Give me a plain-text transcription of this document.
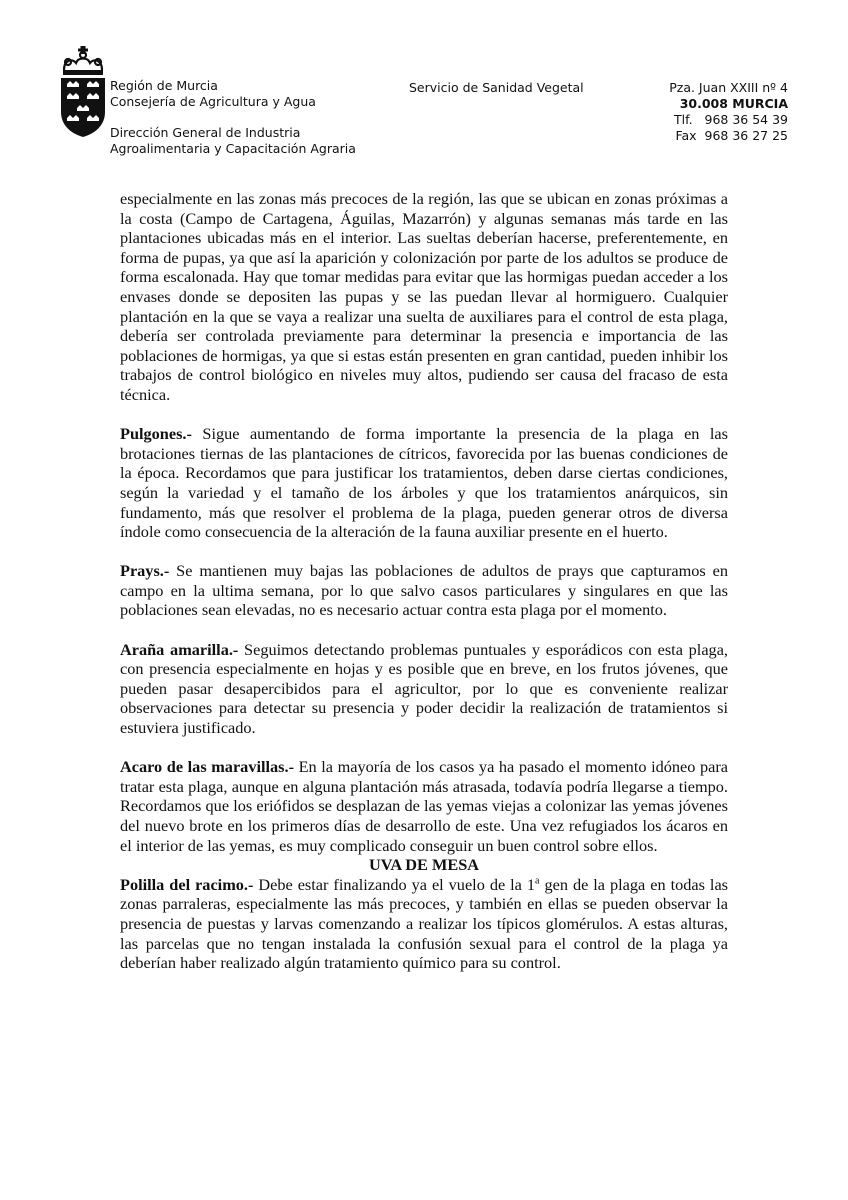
Región de Murcia
Consejería de Agricultura y Agua
Dirección General de Industria
Agroalimentaria y Capacitación Agraria
Servicio de Sanidad Vegetal	Pza. Juan XXIII nº 4
30.008 MURCIA
Tlf.   968 36 54 39
Fax  968 36 27 25

especialmente en las zonas más precoces de la región, las que se ubican en zonas próximas a la costa (Campo de Cartagena, Águilas, Mazarrón) y algunas semanas más tarde en las plantaciones ubicadas más en el interior. Las sueltas deberían hacerse, preferentemente, en forma de pupas, ya que así la aparición y colonización por parte de los adultos se produce de forma escalonada. Hay que tomar medidas para evitar que las hormigas puedan acceder a los envases donde se depositen las pupas y se las puedan llevar al hormiguero. Cualquier plantación en la que se vaya a realizar una suelta de auxiliares para el control de esta plaga, debería ser controlada previamente para determinar la presencia e importancia de las poblaciones de hormigas, ya que si estas están presenten en gran cantidad, pueden inhibir los trabajos de control biológico en niveles muy altos, pudiendo ser causa del fracaso de esta técnica.

Pulgones.- Sigue aumentando de forma importante la presencia de la plaga en las brotaciones tiernas de las plantaciones de cítricos, favorecida por las buenas condiciones de la época. Recordamos que para justificar los tratamientos, deben darse ciertas condiciones, según la variedad y el tamaño de los árboles y que los tratamientos anárquicos, sin fundamento, más que resolver el problema de la plaga, pueden generar otros de diversa índole como consecuencia de la alteración de la fauna auxiliar presente en el huerto.

Prays.- Se mantienen muy bajas las poblaciones de adultos de prays que capturamos en campo en la ultima semana, por lo que salvo casos particulares y singulares en que las poblaciones sean elevadas, no es necesario actuar contra esta plaga por el momento.

Araña amarilla.- Seguimos detectando problemas puntuales y esporádicos con esta plaga, con presencia especialmente en hojas y es posible que en breve, en los frutos jóvenes, que pueden pasar desapercibidos para el agricultor, por lo que es conveniente realizar observaciones para detectar su presencia y poder decidir la realización de tratamientos si estuviera justificado.

Acaro de las maravillas.- En la mayoría de los casos ya ha pasado el momento idóneo para tratar esta plaga, aunque en alguna plantación más atrasada, todavía podría llegarse a tiempo. Recordamos que los eriófidos se desplazan de las yemas viejas a colonizar las yemas jóvenes del nuevo brote en los primeros días de desarrollo de este. Una vez refugiados los ácaros en el interior de las yemas, es muy complicado conseguir un buen control sobre ellos.

UVA DE MESA

Polilla del racimo.- Debe estar finalizando ya el vuelo de la 1$^a$ gen de la plaga en todas las zonas parraleras, especialmente las más precoces, y también en ellas se pueden observar la presencia de puestas y larvas comenzando a realizar los típicos glomérulos. A estas alturas, las parcelas que no tengan instalada la confusión sexual para el control de la plaga ya deberían haber realizado algún tratamiento químico para su control.
